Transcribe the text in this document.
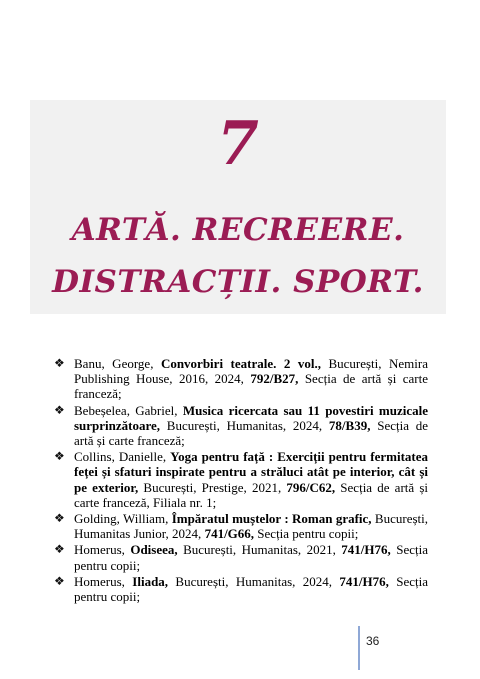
7
ARTĂ. RECREERE.
DISTRACȚII. SPORT.
❖ Banu, George, Convorbiri teatrale. 2 vol., București, Nemira Publishing House, 2016, 2024, 792/B27, Secția de artă și carte franceză;
❖ Bebeșelea, Gabriel, Musica ricercata sau 11 povestiri muzicale surprinzătoare, București, Humanitas, 2024, 78/B39, Secția de artă și carte franceză;
❖ Collins, Danielle, Yoga pentru față : Exerciții pentru fermitatea feței și sfaturi inspirate pentru a străluci atât pe interior, cât și pe exterior, București, Prestige, 2021, 796/C62, Secția de artă și carte franceză, Filiala nr. 1;
❖ Golding, William, Împăratul muștelor : Roman grafic, București, Humanitas Junior, 2024, 741/G66, Secția pentru copii;
❖ Homerus, Odiseea, București, Humanitas, 2021, 741/H76, Secția pentru copii;
❖ Homerus, Iliada, București, Humanitas, 2024, 741/H76, Secția pentru copii;
36
